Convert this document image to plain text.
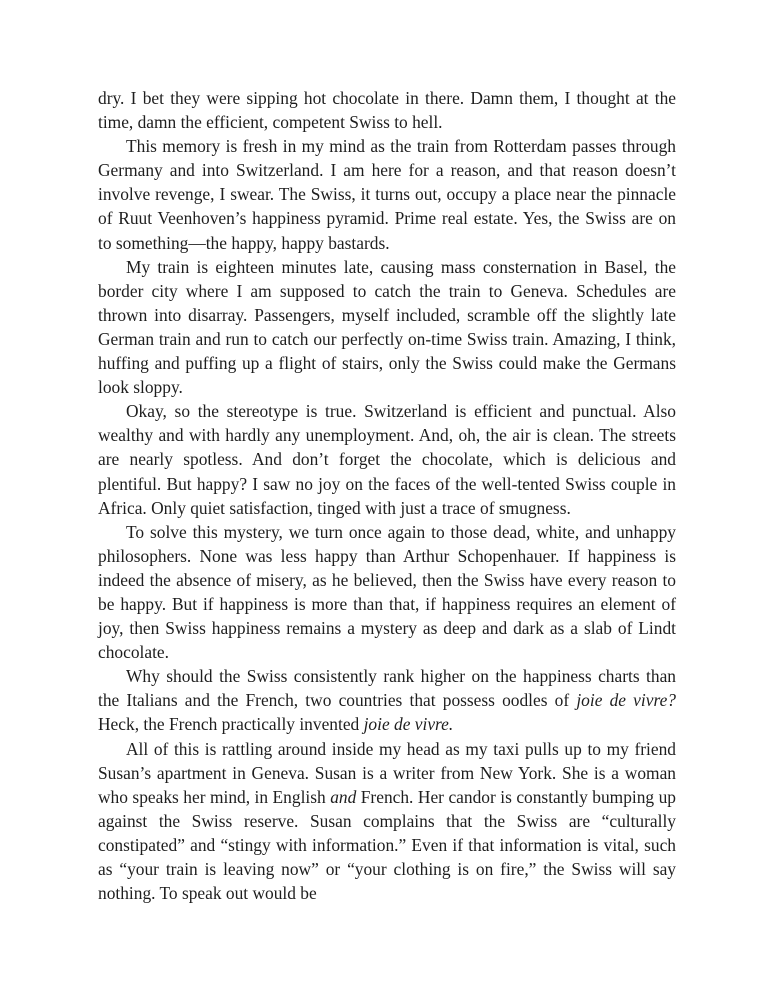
dry. I bet they were sipping hot chocolate in there. Damn them, I thought at the time, damn the efficient, competent Swiss to hell.

This memory is fresh in my mind as the train from Rotterdam passes through Germany and into Switzerland. I am here for a reason, and that reason doesn’t involve revenge, I swear. The Swiss, it turns out, occupy a place near the pinnacle of Ruut Veenhoven’s happiness pyramid. Prime real estate. Yes, the Swiss are on to something—the happy, happy bastards.

My train is eighteen minutes late, causing mass consternation in Basel, the border city where I am supposed to catch the train to Geneva. Schedules are thrown into disarray. Passengers, myself included, scramble off the slightly late German train and run to catch our perfectly on-time Swiss train. Amazing, I think, huffing and puffing up a flight of stairs, only the Swiss could make the Germans look sloppy.

Okay, so the stereotype is true. Switzerland is efficient and punctual. Also wealthy and with hardly any unemployment. And, oh, the air is clean. The streets are nearly spotless. And don’t forget the chocolate, which is delicious and plentiful. But happy? I saw no joy on the faces of the well-tented Swiss couple in Africa. Only quiet satisfaction, tinged with just a trace of smugness.

To solve this mystery, we turn once again to those dead, white, and unhappy philosophers. None was less happy than Arthur Schopenhauer. If happiness is indeed the absence of misery, as he believed, then the Swiss have every reason to be happy. But if happiness is more than that, if happiness requires an element of joy, then Swiss happiness remains a mystery as deep and dark as a slab of Lindt chocolate.

Why should the Swiss consistently rank higher on the happiness charts than the Italians and the French, two countries that possess oodles of joie de vivre? Heck, the French practically invented joie de vivre.

All of this is rattling around inside my head as my taxi pulls up to my friend Susan’s apartment in Geneva. Susan is a writer from New York. She is a woman who speaks her mind, in English and French. Her candor is constantly bumping up against the Swiss reserve. Susan complains that the Swiss are “culturally constipated” and “stingy with information.” Even if that information is vital, such as “your train is leaving now” or “your clothing is on fire,” the Swiss will say nothing. To speak out would be
